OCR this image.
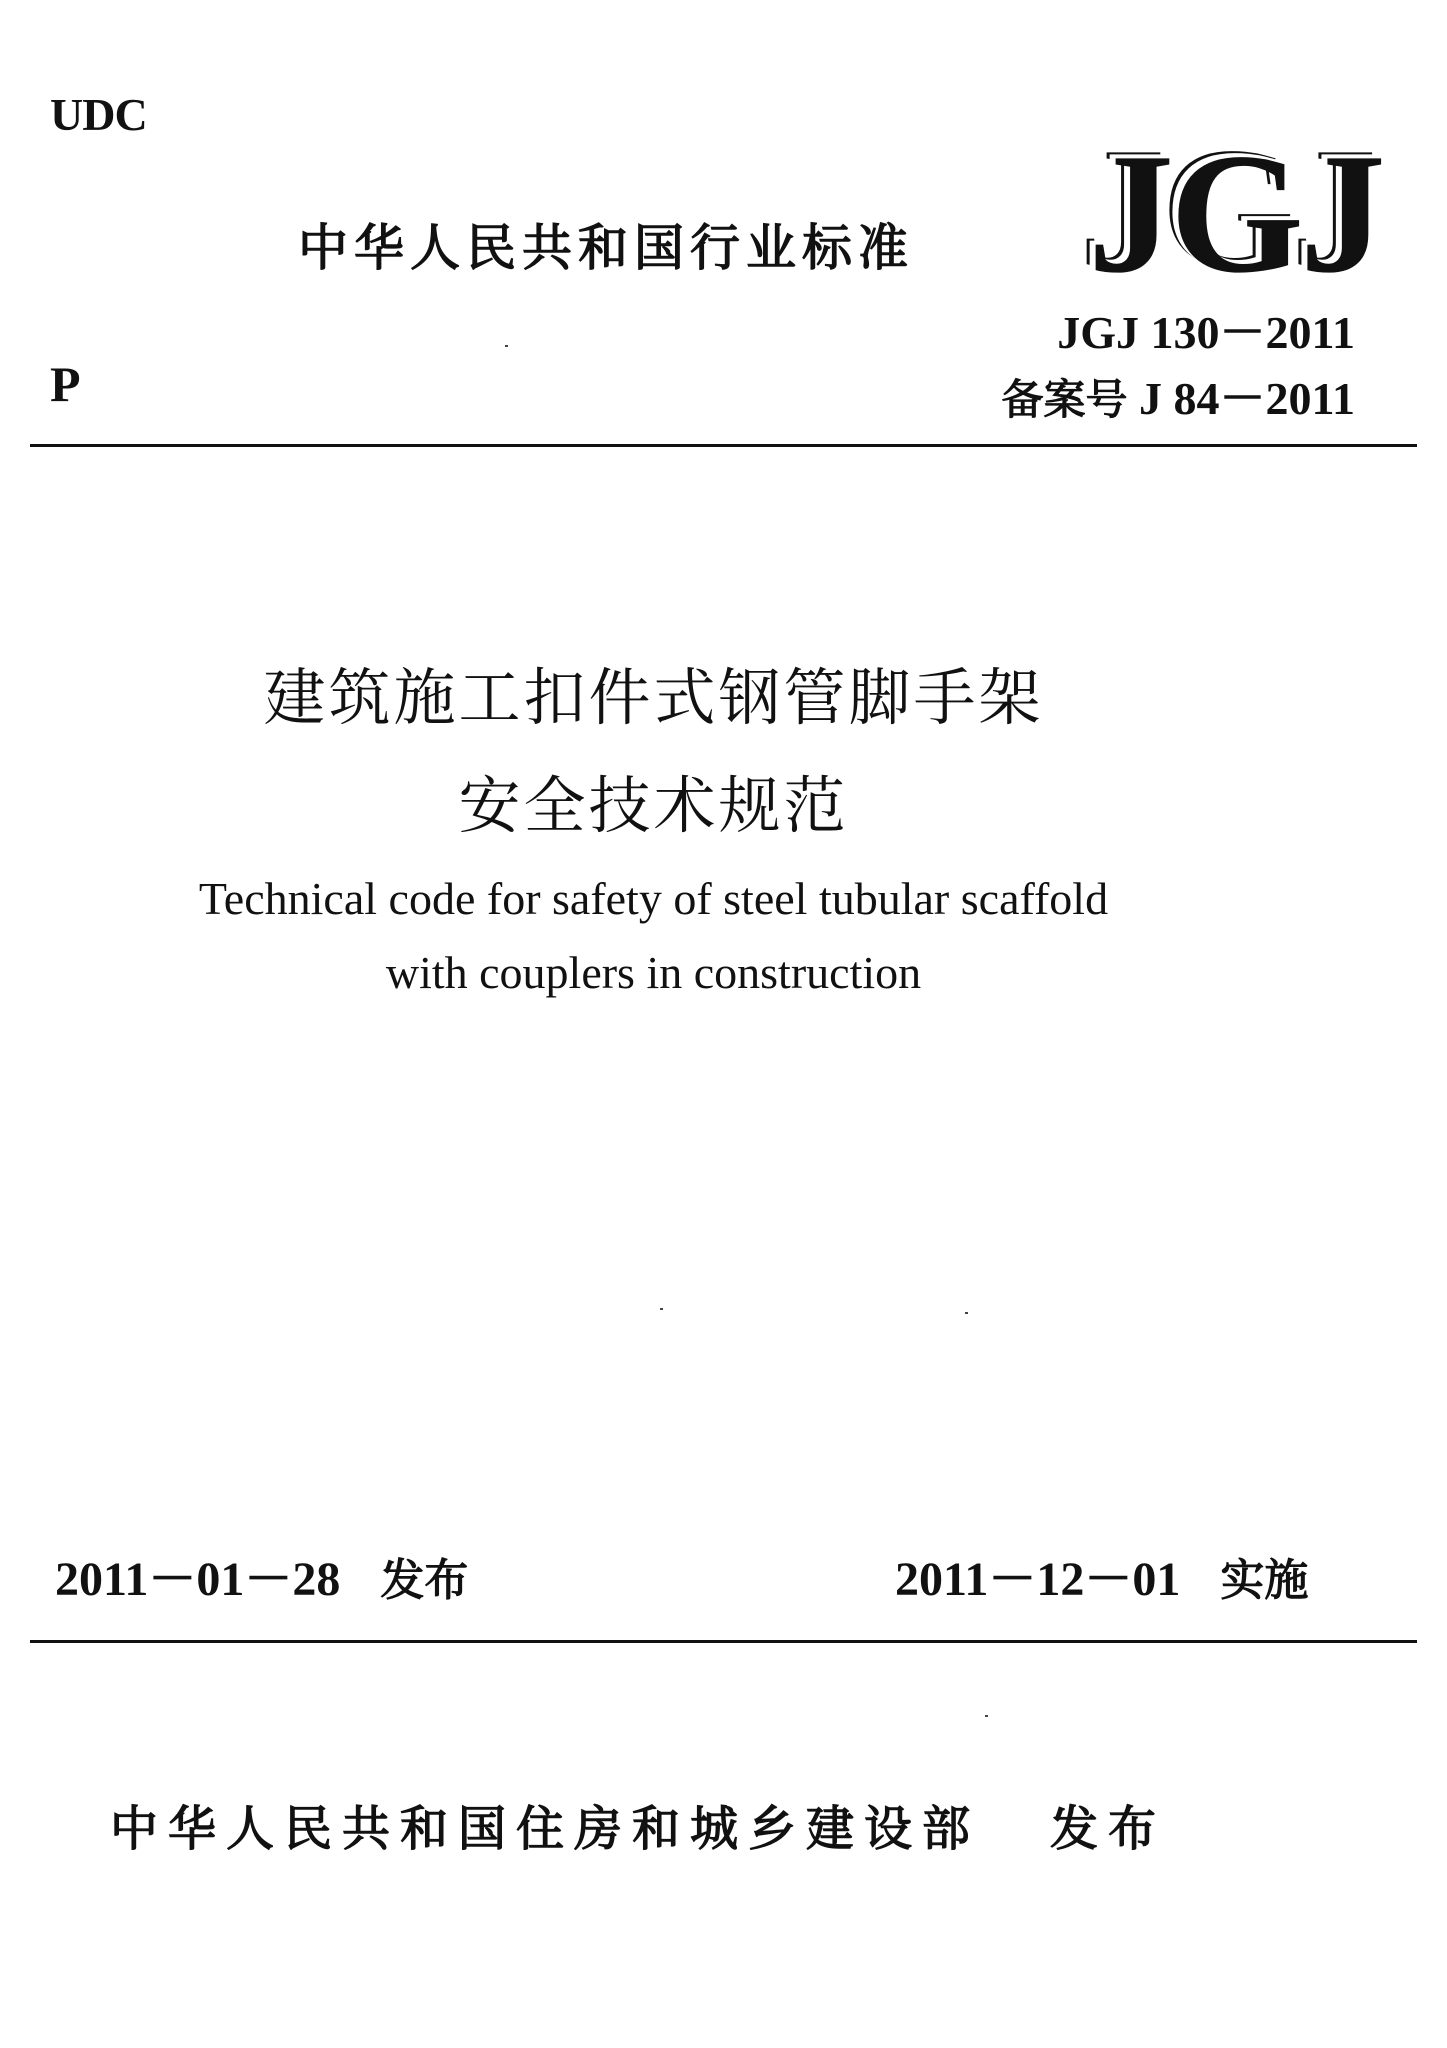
UDC
中华人民共和国行业标准 JGJ
P
JGJ 130－2011
备案号 J 84－2011
建筑施工扣件式钢管脚手架
安全技术规范
Technical code for safety of steel tubular scaffold
with couplers in construction
2011－01－28 发布	2011－12－01 实施
中华人民共和国住房和城乡建设部 发布
